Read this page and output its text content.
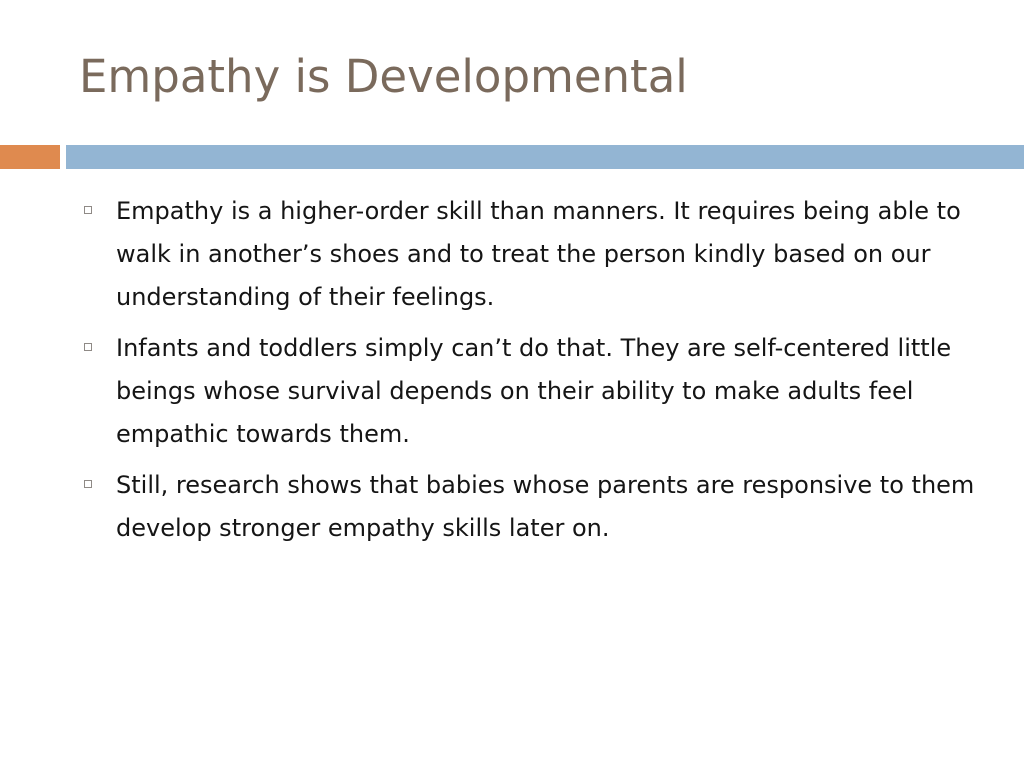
Empathy is Developmental
Empathy is a higher-order skill than manners. It requires being able to walk in another’s shoes and to treat the person kindly based on our understanding of their feelings.
Infants and toddlers simply can’t do that. They are self-centered little beings whose survival depends on their ability to make adults feel empathic towards them.
Still, research shows that babies whose parents are responsive to them develop stronger empathy skills later on.
